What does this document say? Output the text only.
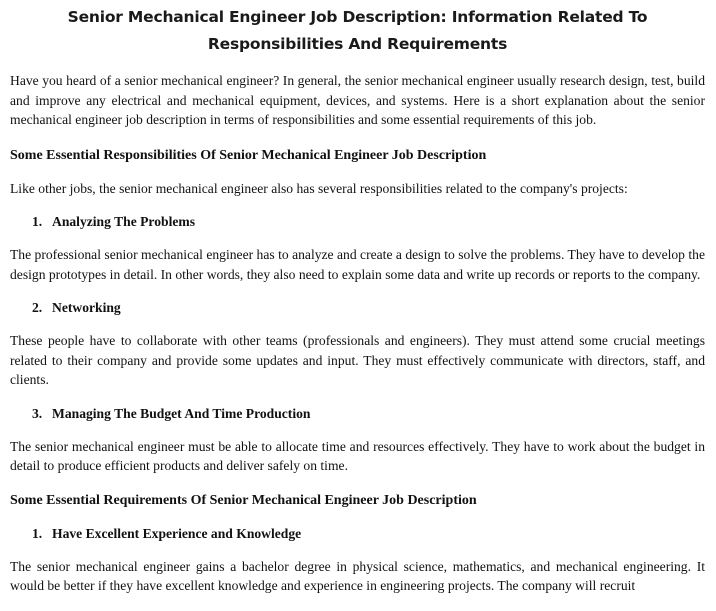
Senior Mechanical Engineer Job Description: Information Related To Responsibilities And Requirements

Have you heard of a senior mechanical engineer? In general, the senior mechanical engineer usually research design, test, build and improve any electrical and mechanical equipment, devices, and systems. Here is a short explanation about the senior mechanical engineer job description in terms of responsibilities and some essential requirements of this job.

Some Essential Responsibilities Of Senior Mechanical Engineer Job Description

Like other jobs, the senior mechanical engineer also has several responsibilities related to the company's projects:

1. Analyzing The Problems

The professional senior mechanical engineer has to analyze and create a design to solve the problems. They have to develop the design prototypes in detail. In other words, they also need to explain some data and write up records or reports to the company.

2. Networking

These people have to collaborate with other teams (professionals and engineers). They must attend some crucial meetings related to their company and provide some updates and input. They must effectively communicate with directors, staff, and clients.

3. Managing The Budget And Time Production

The senior mechanical engineer must be able to allocate time and resources effectively. They have to work about the budget in detail to produce efficient products and deliver safely on time.

Some Essential Requirements Of Senior Mechanical Engineer Job Description
1. Have Excellent Experience and Knowledge

The senior mechanical engineer gains a bachelor degree in physical science, mathematics, and mechanical engineering. It would be better if they have excellent knowledge and experience in engineering projects. The company will recruit
